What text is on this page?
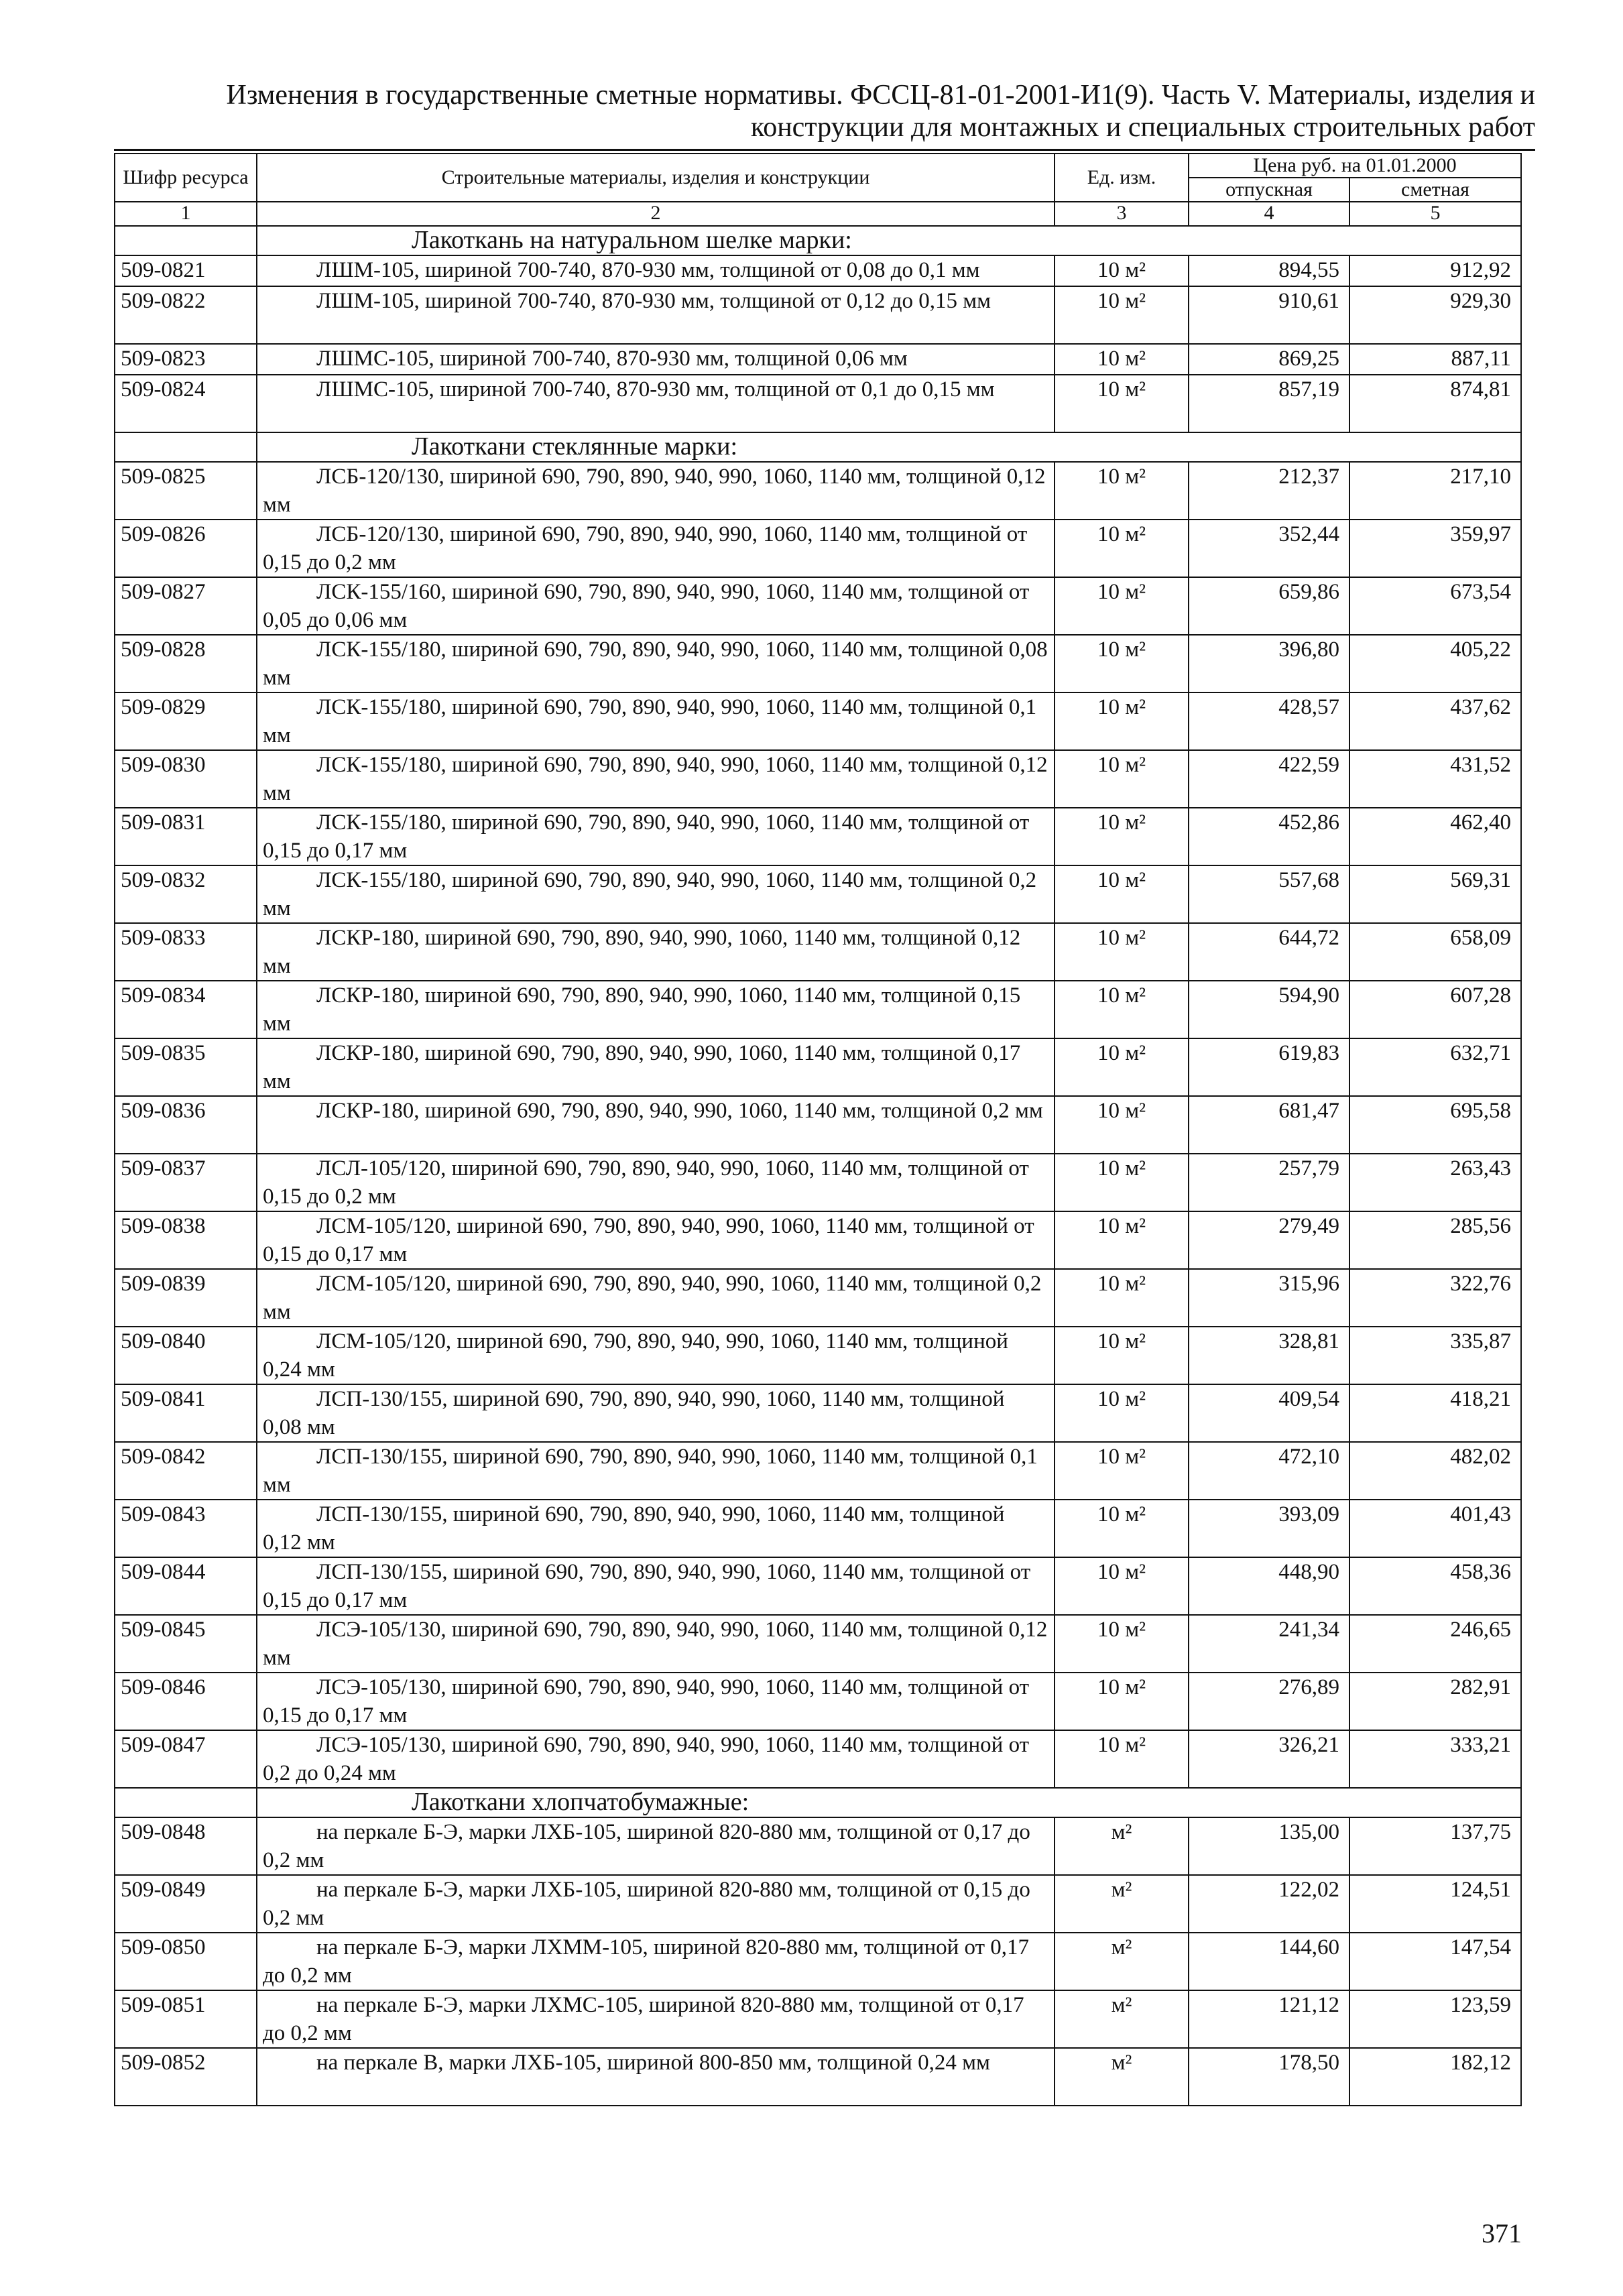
Изменения в государственные сметные нормативы. ФССЦ-81-01-2001-И1(9). Часть V. Материалы, изделия и
конструкции для монтажных и специальных строительных работ
Шифр ресурса	Строительные материалы, изделия и конструкции	Ед. изм.	Цена руб. на 01.01.2000	
			отпускная	сметная
1	2	3	4	5
	Лакоткань на натуральном шелке марки:			
509-0821	ЛШМ-105, шириной 700-740, 870-930 мм, толщиной от 0,08 до 0,1 мм	10 м²	894,55	912,92
509-0822	ЛШМ-105, шириной 700-740, 870-930 мм, толщиной от 0,12 до 0,15 мм	10 м²	910,61	929,30
509-0823	ЛШМС-105, шириной 700-740, 870-930 мм, толщиной 0,06 мм	10 м²	869,25	887,11
509-0824	ЛШМС-105, шириной 700-740, 870-930 мм, толщиной от 0,1 до 0,15 мм	10 м²	857,19	874,81
	Лакоткани стеклянные марки:			
509-0825	ЛСБ-120/130, шириной 690, 790, 890, 940, 990, 1060, 1140 мм, толщиной 0,12 мм	10 м²	212,37	217,10
509-0826	ЛСБ-120/130, шириной 690, 790, 890, 940, 990, 1060, 1140 мм, толщиной от 0,15 до 0,2 мм	10 м²	352,44	359,97
509-0827	ЛСК-155/160, шириной 690, 790, 890, 940, 990, 1060, 1140 мм, толщиной от 0,05 до 0,06 мм	10 м²	659,86	673,54
509-0828	ЛСК-155/180, шириной 690, 790, 890, 940, 990, 1060, 1140 мм, толщиной 0,08 мм	10 м²	396,80	405,22
509-0829	ЛСК-155/180, шириной 690, 790, 890, 940, 990, 1060, 1140 мм, толщиной 0,1 мм	10 м²	428,57	437,62
509-0830	ЛСК-155/180, шириной 690, 790, 890, 940, 990, 1060, 1140 мм, толщиной 0,12 мм	10 м²	422,59	431,52
509-0831	ЛСК-155/180, шириной 690, 790, 890, 940, 990, 1060, 1140 мм, толщиной от 0,15 до 0,17 мм	10 м²	452,86	462,40
509-0832	ЛСК-155/180, шириной 690, 790, 890, 940, 990, 1060, 1140 мм, толщиной 0,2 мм	10 м²	557,68	569,31
509-0833	ЛСКР-180, шириной 690, 790, 890, 940, 990, 1060, 1140 мм, толщиной 0,12 мм	10 м²	644,72	658,09
509-0834	ЛСКР-180, шириной 690, 790, 890, 940, 990, 1060, 1140 мм, толщиной 0,15 мм	10 м²	594,90	607,28
509-0835	ЛСКР-180, шириной 690, 790, 890, 940, 990, 1060, 1140 мм, толщиной 0,17 мм	10 м²	619,83	632,71
509-0836	ЛСКР-180, шириной 690, 790, 890, 940, 990, 1060, 1140 мм, толщиной 0,2 мм	10 м²	681,47	695,58
509-0837	ЛСЛ-105/120, шириной 690, 790, 890, 940, 990, 1060, 1140 мм, толщиной от 0,15 до 0,2 мм	10 м²	257,79	263,43
509-0838	ЛСМ-105/120, шириной 690, 790, 890, 940, 990, 1060, 1140 мм, толщиной от 0,15 до 0,17 мм	10 м²	279,49	285,56
509-0839	ЛСМ-105/120, шириной 690, 790, 890, 940, 990, 1060, 1140 мм, толщиной 0,2 мм	10 м²	315,96	322,76
509-0840	ЛСМ-105/120, шириной 690, 790, 890, 940, 990, 1060, 1140 мм, толщиной 0,24 мм	10 м²	328,81	335,87
509-0841	ЛСП-130/155, шириной 690, 790, 890, 940, 990, 1060, 1140 мм, толщиной 0,08 мм	10 м²	409,54	418,21
509-0842	ЛСП-130/155, шириной 690, 790, 890, 940, 990, 1060, 1140 мм, толщиной 0,1 мм	10 м²	472,10	482,02
509-0843	ЛСП-130/155, шириной 690, 790, 890, 940, 990, 1060, 1140 мм, толщиной 0,12 мм	10 м²	393,09	401,43
509-0844	ЛСП-130/155, шириной 690, 790, 890, 940, 990, 1060, 1140 мм, толщиной от 0,15 до 0,17 мм	10 м²	448,90	458,36
509-0845	ЛСЭ-105/130, шириной 690, 790, 890, 940, 990, 1060, 1140 мм, толщиной 0,12 мм	10 м²	241,34	246,65
509-0846	ЛСЭ-105/130, шириной 690, 790, 890, 940, 990, 1060, 1140 мм, толщиной от 0,15 до 0,17 мм	10 м²	276,89	282,91
509-0847	ЛСЭ-105/130, шириной 690, 790, 890, 940, 990, 1060, 1140 мм, толщиной от 0,2 до 0,24 мм	10 м²	326,21	333,21
	Лакоткани хлопчатобумажные:			
509-0848	на перкале Б-Э, марки ЛХБ-105, шириной 820-880 мм, толщиной от 0,17 до 0,2 мм	м²	135,00	137,75
509-0849	на перкале Б-Э, марки ЛХБ-105, шириной 820-880 мм, толщиной от 0,15 до 0,2 мм	м²	122,02	124,51
509-0850	на перкале Б-Э, марки ЛХММ-105, шириной 820-880 мм, толщиной от 0,17 до 0,2 мм	м²	144,60	147,54
509-0851	на перкале Б-Э, марки ЛХМС-105, шириной 820-880 мм, толщиной от 0,17 до 0,2 мм	м²	121,12	123,59
509-0852	на перкале В, марки ЛХБ-105, шириной 800-850 мм, толщиной 0,24 мм	м²	178,50	182,12
371
